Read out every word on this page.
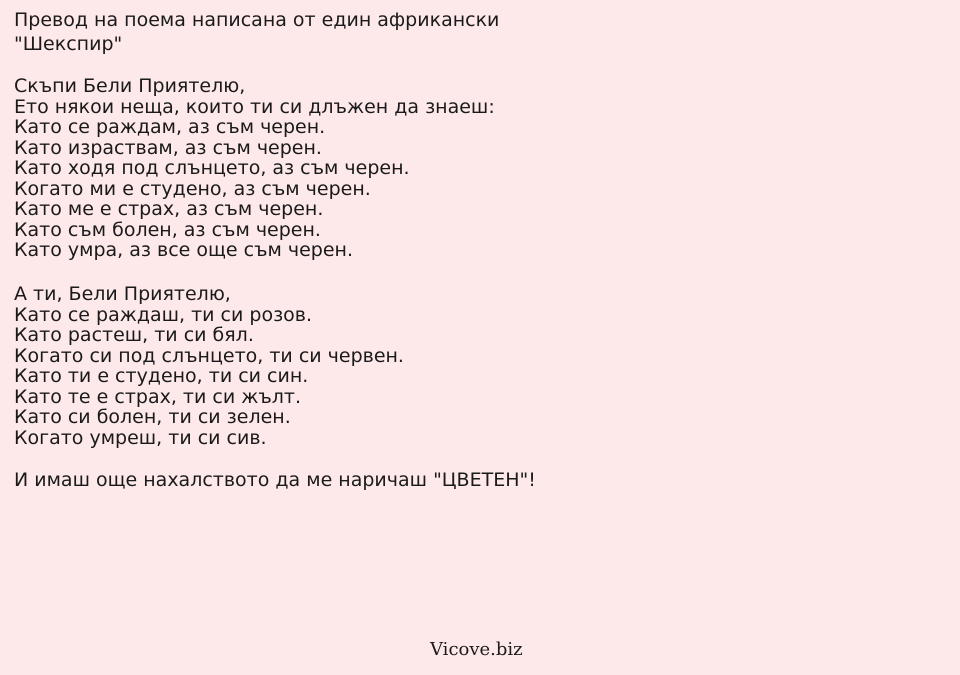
Превод на поема написана от един африкански
"Шекспир"

Скъпи Бели Приятелю,
Ето някои неща, които ти си длъжен да знаеш:
Като се раждам, аз съм черен.
Като израствам, аз съм черен.
Като ходя под слънцето, аз съм черен.
Когато ми е студено, аз съм черен.
Като ме е страх, аз съм черен.
Като съм болен, аз съм черен.
Като умра, аз все още съм черен.

А ти, Бели Приятелю,
Като се раждаш, ти си розов.
Като растеш, ти си бял.
Когато си под слънцето, ти си червен.
Като ти е студено, ти си син.
Като те е страх, ти си жълт.
Като си болен, ти си зелен.
Когато умреш, ти си сив.

И имаш още нахалството да ме наричаш "ЦВЕТЕН"!
Vicove.biz
